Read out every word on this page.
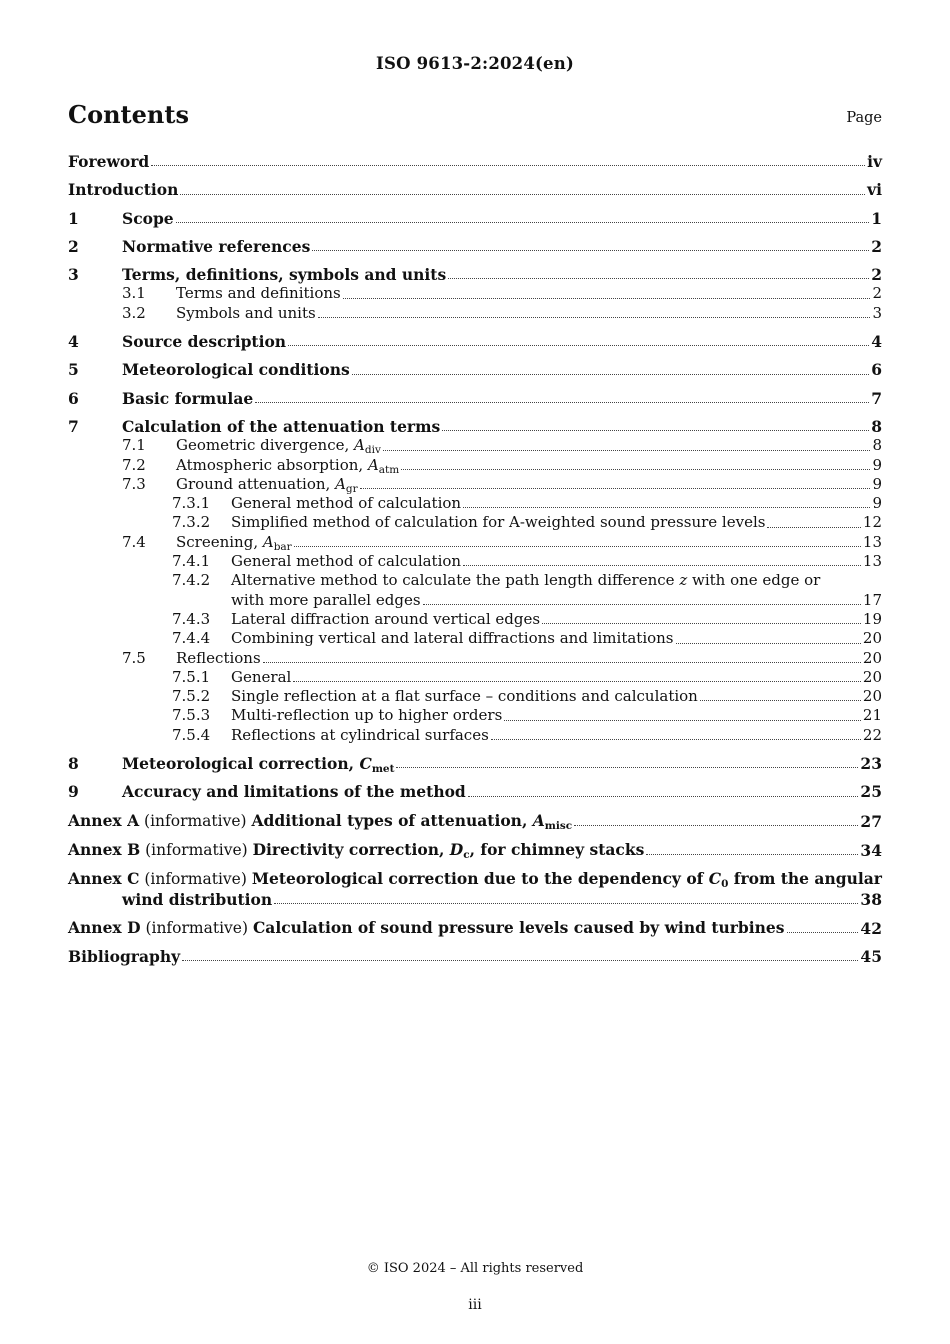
ISO 9613-2:2024(en)
Contents	Page
Foreword	iv
Introduction	vi
1	Scope	1
2	Normative references	2
3	Terms, definitions, symbols and units	2
3.1	Terms and definitions	2
3.2	Symbols and units	3
4	Source description	4
5	Meteorological conditions	6
6	Basic formulae	7
7	Calculation of the attenuation terms	8
7.1	Geometric divergence, $A_{div}$	8
7.2	Atmospheric absorption, $A_{atm}$	9
7.3	Ground attenuation, $A_{gr}$	9
7.3.1	General method of calculation	9
7.3.2	Simplified method of calculation for A-weighted sound pressure levels	12
7.4	Screening, $A_{bar}$	13
7.4.1	General method of calculation	13
7.4.2	Alternative method to calculate the path length difference z with one edge or
with more parallel edges	17
7.4.3	Lateral diffraction around vertical edges	19
7.4.4	Combining vertical and lateral diffractions and limitations	20
7.5	Reflections	20
7.5.1	General	20
7.5.2	Single reflection at a flat surface – conditions and calculation	20
7.5.3	Multi-reflection up to higher orders	21
7.5.4	Reflections at cylindrical surfaces	22
8	Meteorological correction, $C_{met}$	23
9	Accuracy and limitations of the method	25
Annex A (informative) Additional types of attenuation, $A_{misc}$	27
Annex B (informative) Directivity correction, $D_c$, for chimney stacks	34
Annex C (informative) Meteorological correction due to the dependency of $C_0$ from the angular
wind distribution	38
Annex D (informative) Calculation of sound pressure levels caused by wind turbines	42
Bibliography	45
© ISO 2024 – All rights reserved
iii
